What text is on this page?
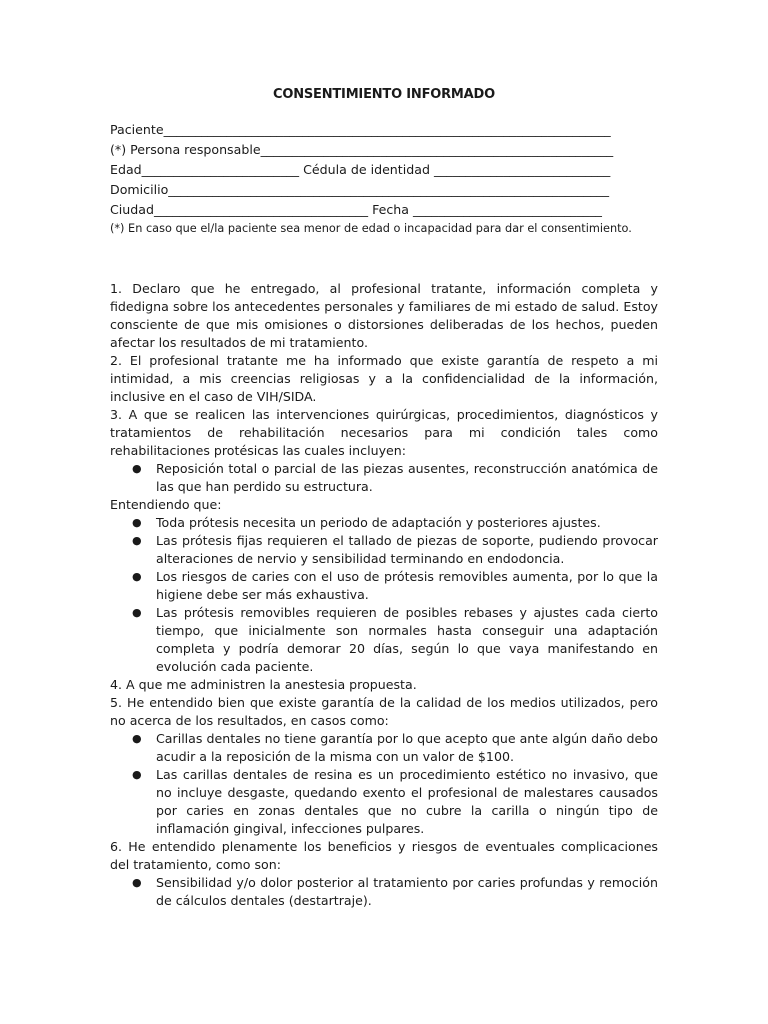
CONSENTIMIENTO INFORMADO
Paciente_______________________________________________________________________
(*) Persona responsable________________________________________________________
Edad_________________________ Cédula de identidad ____________________________
Domicilio______________________________________________________________________
Ciudad__________________________________ Fecha ______________________________
(*) En caso que el/la paciente sea menor de edad o incapacidad para dar el consentimiento.

1. Declaro que he entregado, al profesional tratante, información completa y fidedigna sobre los antecedentes personales y familiares de mi estado de salud. Estoy consciente de que mis omisiones o distorsiones deliberadas de los hechos, pueden afectar los resultados de mi tratamiento.

2. El profesional tratante me ha informado que existe garantía de respeto a mi intimidad, a mis creencias religiosas y a la confidencialidad de la información, inclusive en el caso de VIH/SIDA.

3. A que se realicen las intervenciones quirúrgicas, procedimientos, diagnósticos y tratamientos de rehabilitación necesarios para mi condición tales como rehabilitaciones protésicas las cuales incluyen:

● Reposición total o parcial de las piezas ausentes, reconstrucción anatómica de las que han perdido su estructura.

Entendiendo que:

● Toda prótesis necesita un periodo de adaptación y posteriores ajustes.
● Las prótesis fijas requieren el tallado de piezas de soporte, pudiendo provocar alteraciones de nervio y sensibilidad terminando en endodoncia.
● Los riesgos de caries con el uso de prótesis removibles aumenta, por lo que la higiene debe ser más exhaustiva.
● Las prótesis removibles requieren de posibles rebases y ajustes cada cierto tiempo, que inicialmente son normales hasta conseguir una adaptación completa y podría demorar 20 días, según lo que vaya manifestando en evolución cada paciente.

4. A que me administren la anestesia propuesta.

5. He entendido bien que existe garantía de la calidad de los medios utilizados, pero no acerca de los resultados, en casos como:

● Carillas dentales no tiene garantía por lo que acepto que ante algún daño debo acudir a la reposición de la misma con un valor de $100.
● Las carillas dentales de resina es un procedimiento estético no invasivo, que no incluye desgaste, quedando exento el profesional de malestares causados por caries en zonas dentales que no cubre la carilla o ningún tipo de inflamación gingival, infecciones pulpares.

6. He entendido plenamente los beneficios y riesgos de eventuales complicaciones del tratamiento, como son:

● Sensibilidad y/o dolor posterior al tratamiento por caries profundas y remoción de cálculos dentales (destartraje).
